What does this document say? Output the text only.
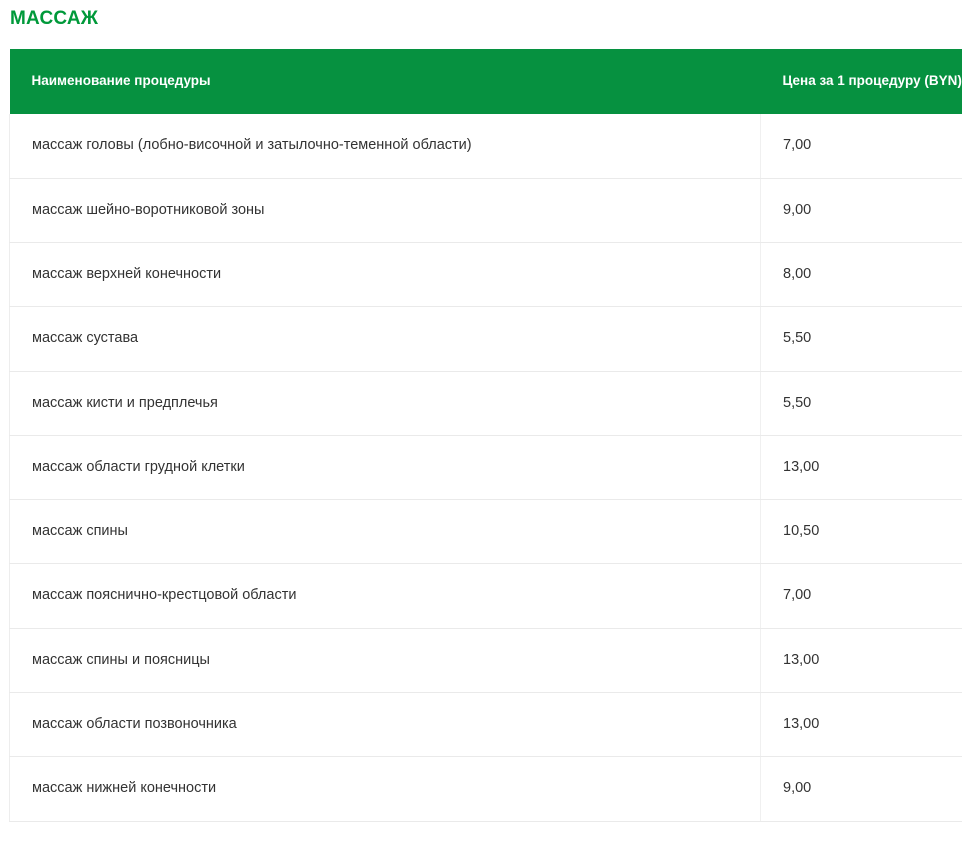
МАССАЖ
Наименование процедуры	Цена за 1 процедуру (BYN)
массаж головы (лобно-височной и затылочно-теменной области)	7,00
массаж шейно-воротниковой зоны	9,00
массаж верхней конечности	8,00
массаж сустава	5,50
массаж кисти и предплечья	5,50
массаж области грудной клетки	13,00
массаж спины	10,50
массаж пояснично-крестцовой области	7,00
массаж спины и поясницы	13,00
массаж области позвоночника	13,00
массаж нижней конечности	9,00
